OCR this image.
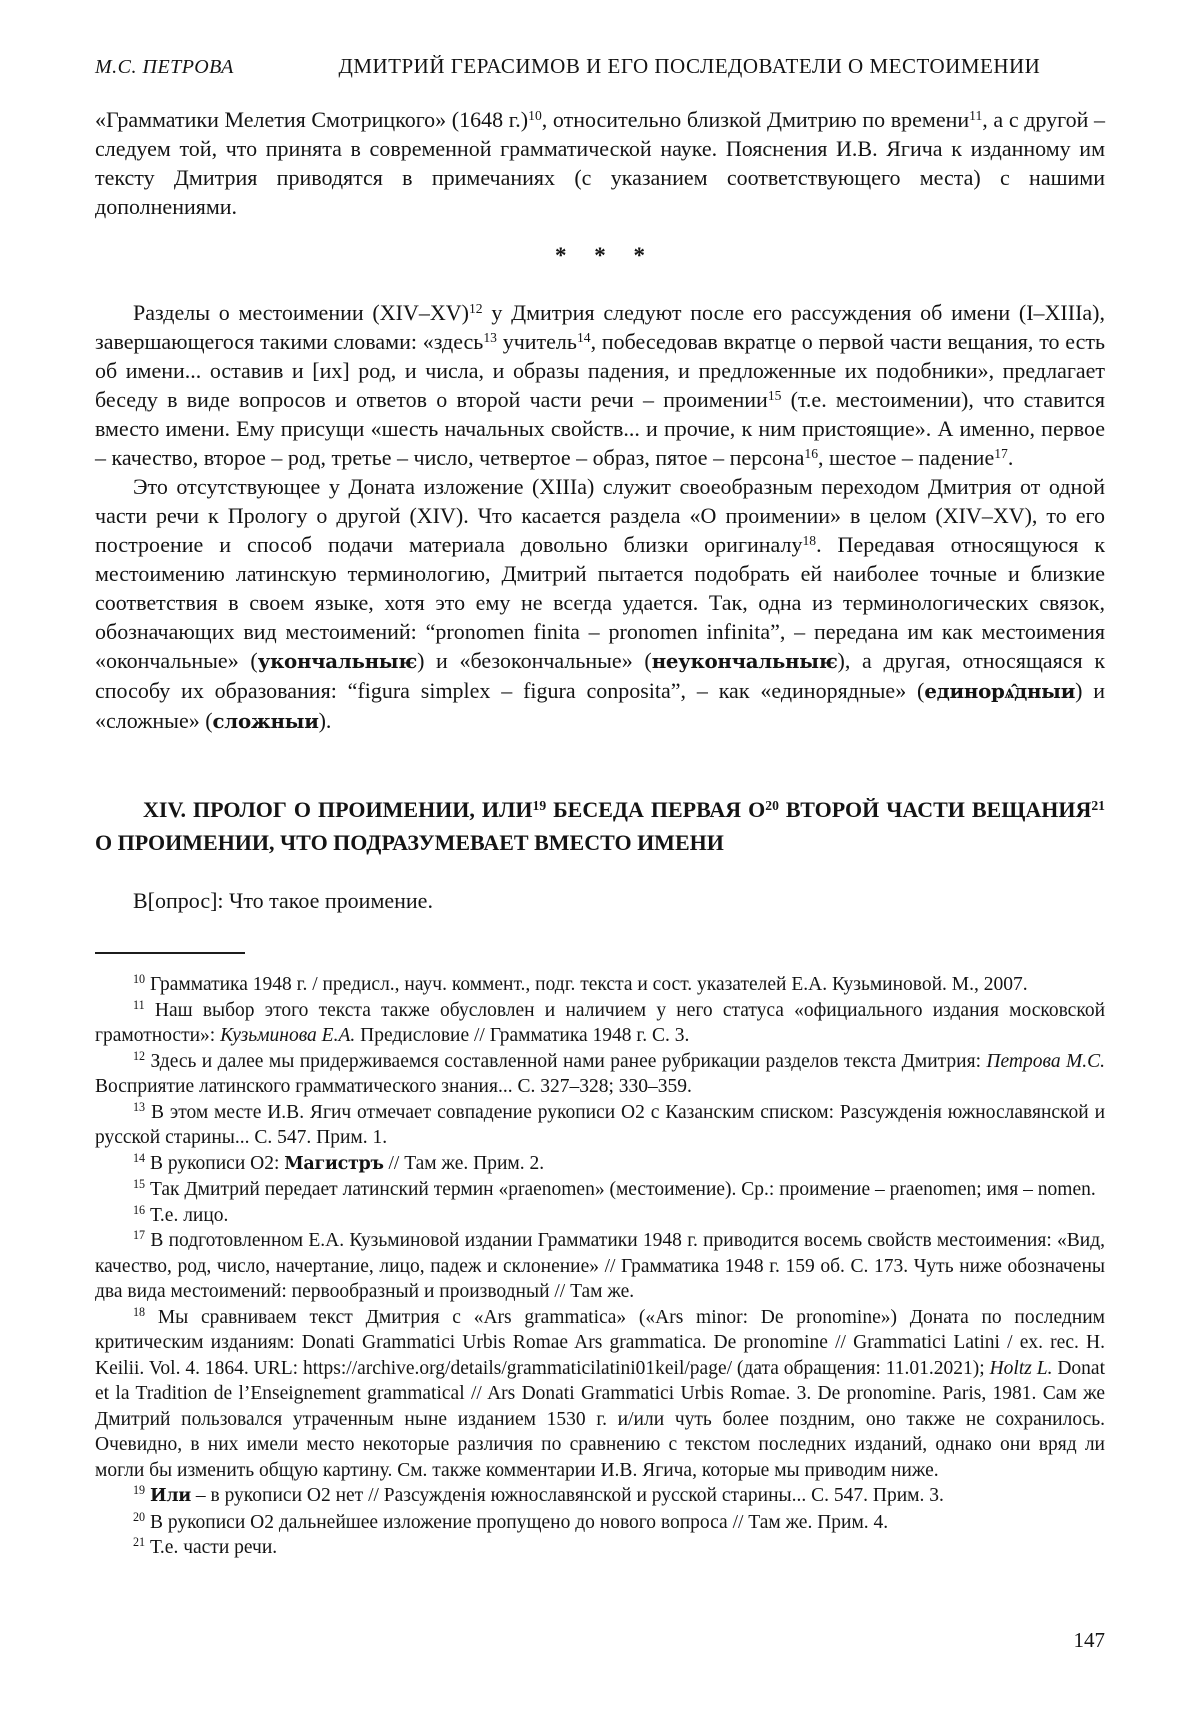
М.С. ПЕТРОВА	ДМИТРИЙ ГЕРАСИМОВ И ЕГО ПОСЛЕДОВАТЕЛИ О МЕСТОИМЕНИИ
«Грамматики Мелетия Смотрицкого» (1648 г.)$^{10}$, относительно близкой Дмитрию по времени$^{11}$, а с другой – следуем той, что принята в современной грамматической науке. Пояснения И.В. Ягича к изданному им тексту Дмитрия приводятся в примечаниях (с указанием соответствующего места) с нашими дополнениями.
* * *

Разделы о местоимении $(XIV-XV)^{12}$ у Дмитрия следуют после его рассуждения об имени (I–XIIIа), завершающегося такими словами: «здесь$^{13}$ учитель$^{14}$, побеседовав вкратце о первой части вещания, то есть об имени... оставив и [их] род, и числа, и образы падения, и предложенные их подобники», предлагает беседу в виде вопросов и ответов о второй части речи – проимении$^{15}$ (т.е. местоимении), что ставится вместо имени. Ему присущи «шесть начальных свойств... и прочие, к ним пристоящие». А именно, первое – качество, второе – род, третье – число, четвертое – образ, пятое – персона$^{16}$, шестое – падение$^{17}$.

Это отсутствующее у Доната изложение (XIIIа) служит своеобразным переходом Дмитрия от одной части речи к Прологу о другой (XIV). Что касается раздела «О проимении» в целом (XIV–XV), то его построение и способ подачи материала довольно близки оригиналу$^{18}$. Передавая относящуюся к местоимению латинскую терминологию, Дмитрий пытается подобрать ей наиболее точные и близкие соответствия в своем языке, хотя это ему не всегда удается. Так, одна из терминологических связок, обозначающих вид местоимений: “pronomen finita – pronomen infinita”, – передана им как местоимения «окончальные» (укончальныѥ) и «безокончальные» (неукончальныѥ), а другая, относящаяся к способу их образования: “figura simplex – figura conposita”, – как «единорядные» (единорѧ̂дныи) и «сложные» (сложныи).

XIV. ПРОЛОГ О ПРОИМЕНИИ, ИЛИ$^{19}$ БЕСЕДА ПЕРВАЯ $О^{20}$ ВТОРОЙ ЧАСТИ ВЕЩАНИЯ$^{21}$ О ПРОИМЕНИИ, ЧТО ПОДРАЗУМЕВАЕТ ВМЕСТО ИМЕНИ
В[опрос]: Что такое проимение.

$^{10}$ Грамматика 1948 г. / предисл., науч. коммент., подг. текста и сост. указателей Е.А. Кузьминовой. М., 2007.

$^{11}$ Наш выбор этого текста также обусловлен и наличием у него статуса «официального издания московской грамотности»: Кузьминова Е.А. Предисловие // Грамматика 1948 г. С. 3.

$^{12}$ Здесь и далее мы придерживаемся составленной нами ранее рубрикации разделов текста Дмитрия: Петрова М.С. Восприятие латинского грамматического знания... С. 327–328; 330–359.

$^{13}$ В этом месте И.В. Ягич отмечает совпадение рукописи О2 с Казанским списком: Разсужденія южнославянской и русской старины... С. 547. Прим. 1.

$^{14}$ В рукописи О2: Магистръ // Там же. Прим. 2.

$^{15}$ Так Дмитрий передает латинский термин «praenomen» (местоимение). Ср.: проимение – praenomen; имя – nomen.

$^{16}$ Т.е. лицо.

$^{17}$ В подготовленном Е.А. Кузьминовой издании Грамматики 1948 г. приводится восемь свойств местоимения: «Вид, качество, род, число, начертание, лицо, падеж и склонение» // Грамматика 1948 г. 159 об. С. 173. Чуть ниже обозначены два вида местоимений: первообразный и производный // Там же.

$^{18}$ Мы сравниваем текст Дмитрия с «Ars grammatica» («Ars minor: De pronomine») Доната по последним критическим изданиям: Donati Grammatici Urbis Romae Ars grammatica. De pronomine // Grammatici Latini / ex. rec. H. Keilii. Vol. 4. 1864. URL: https://archive.org/details/grammaticilatini01keil/page/ (дата обращения: 11.01.2021); Holtz L. Donat et la Tradition de l’Enseignement grammatical // Ars Donati Grammatici Urbis Romae. 3. De pronomine. Paris, 1981. Сам же Дмитрий пользовался утраченным ныне изданием 1530 г. и/или чуть более поздним, оно также не сохранилось. Очевидно, в них имели место некоторые различия по сравнению с текстом последних изданий, однако они вряд ли могли бы изменить общую картину. См. также комментарии И.В. Ягича, которые мы приводим ниже.

$^{19}$ Или – в рукописи О2 нет // Разсужденія южнославянской и русской старины... С. 547. Прим. 3.

$^{20}$ В рукописи О2 дальнейшее изложение пропущено до нового вопроса // Там же. Прим. 4.

$^{21}$ Т.е. части речи.

147
